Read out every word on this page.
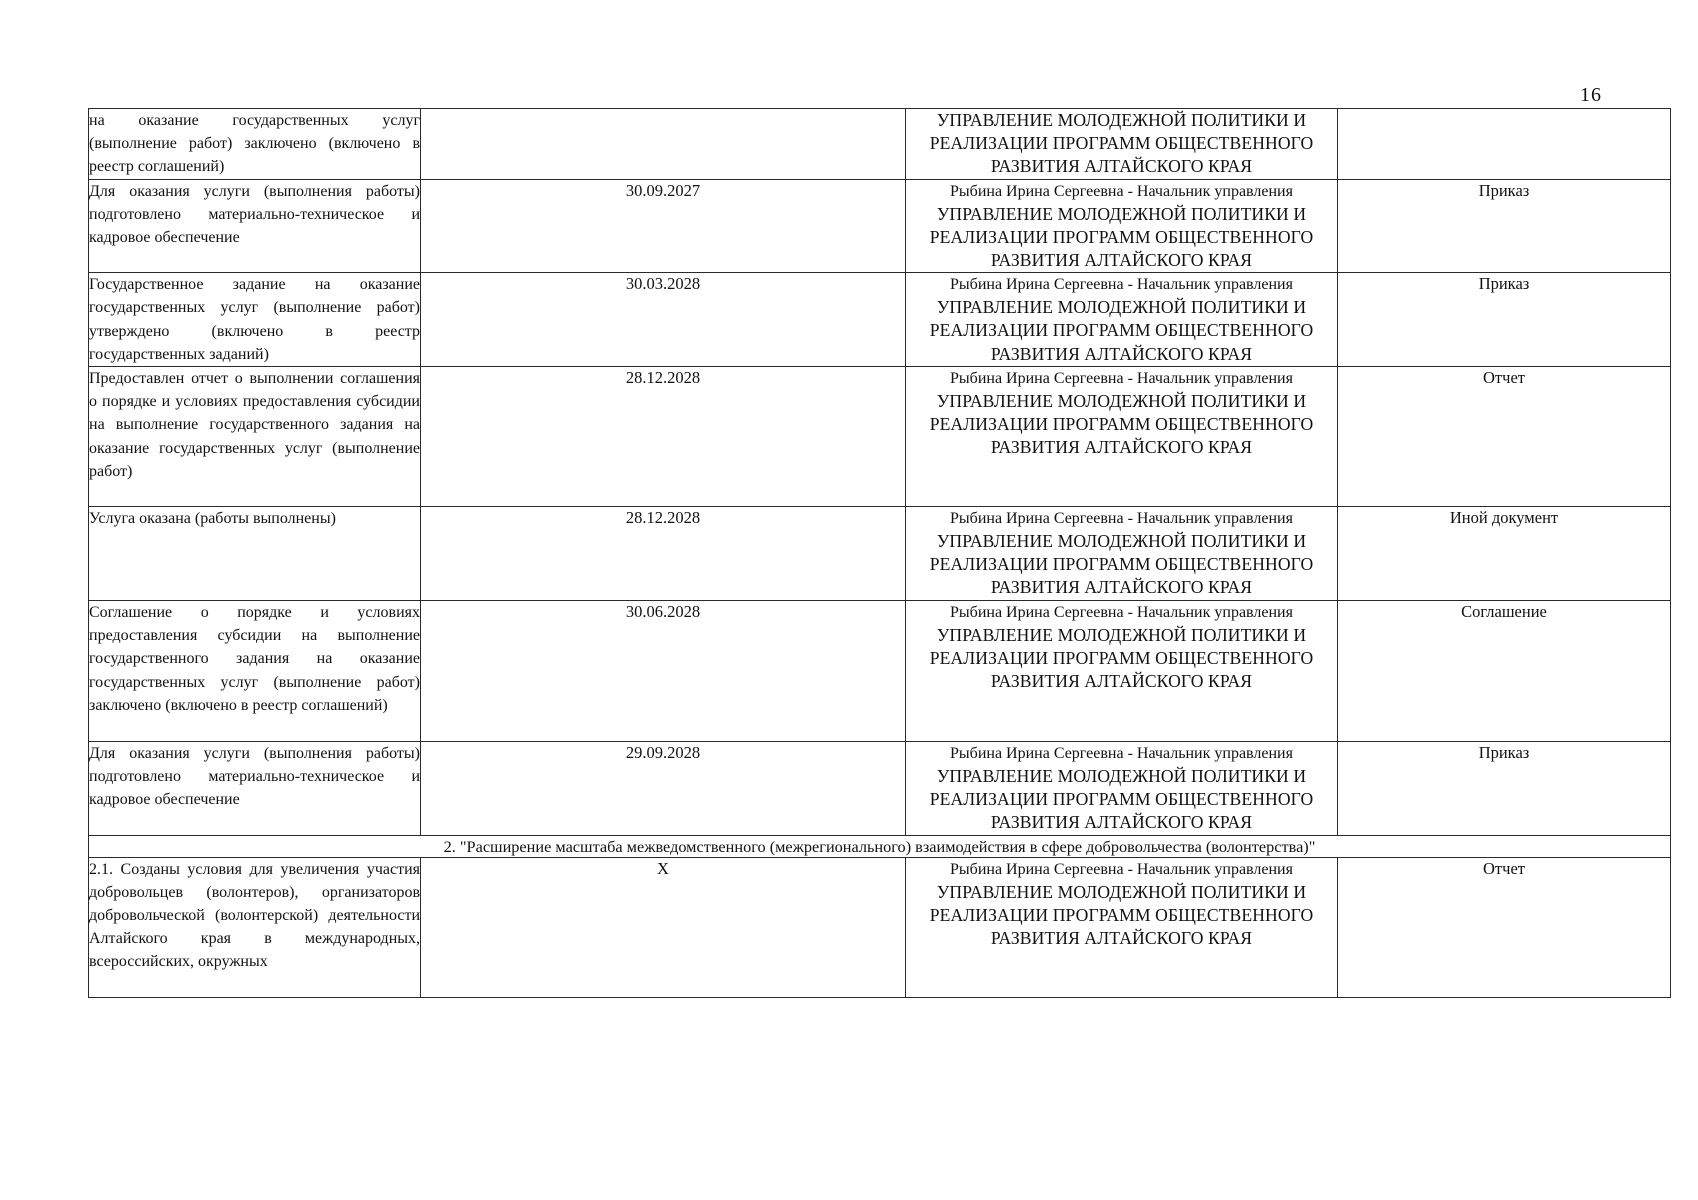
16
на оказание государственных услуг (выполнение работ) заключено (включено в реестр соглашений)		УПРАВЛЕНИЕ МОЛОДЕЖНОЙ ПОЛИТИКИ И РЕАЛИЗАЦИИ ПРОГРАММ ОБЩЕСТВЕННОГО РАЗВИТИЯ АЛТАЙСКОГО КРАЯ	

Для оказания услуги (выполнения работы) подготовлено материально-техническое и кадровое обеспечение	30.09.2027	Рыбина Ирина Сергеевна - Начальник управления
УПРАВЛЕНИЕ МОЛОДЕЖНОЙ ПОЛИТИКИ И РЕАЛИЗАЦИИ ПРОГРАММ ОБЩЕСТВЕННОГО РАЗВИТИЯ АЛТАЙСКОГО КРАЯ	Приказ
Государственное задание на оказание государственных услуг (выполнение работ) утверждено (включено в реестр государственных заданий)	30.03.2028	Рыбина Ирина Сергеевна - Начальник управления
УПРАВЛЕНИЕ МОЛОДЕЖНОЙ ПОЛИТИКИ И РЕАЛИЗАЦИИ ПРОГРАММ ОБЩЕСТВЕННОГО РАЗВИТИЯ АЛТАЙСКОГО КРАЯ	Приказ
Предоставлен отчет о выполнении соглашения о порядке и условиях предоставления субсидии на выполнение государственного задания на оказание государственных услуг (выполнение работ)	28.12.2028	Рыбина Ирина Сергеевна - Начальник управления
УПРАВЛЕНИЕ МОЛОДЕЖНОЙ ПОЛИТИКИ И РЕАЛИЗАЦИИ ПРОГРАММ ОБЩЕСТВЕННОГО РАЗВИТИЯ АЛТАЙСКОГО КРАЯ	Отчет
Услуга оказана (работы выполнены)	28.12.2028	Рыбина Ирина Сергеевна - Начальник управления
УПРАВЛЕНИЕ МОЛОДЕЖНОЙ ПОЛИТИКИ И РЕАЛИЗАЦИИ ПРОГРАММ ОБЩЕСТВЕННОГО РАЗВИТИЯ АЛТАЙСКОГО КРАЯ	Иной документ
Соглашение о порядке и условиях предоставления субсидии на выполнение государственного задания на оказание государственных услуг (выполнение работ) заключено (включено в реестр соглашений)	30.06.2028	Рыбина Ирина Сергеевна - Начальник управления
УПРАВЛЕНИЕ МОЛОДЕЖНОЙ ПОЛИТИКИ И РЕАЛИЗАЦИИ ПРОГРАММ ОБЩЕСТВЕННОГО РАЗВИТИЯ АЛТАЙСКОГО КРАЯ	Соглашение
Для оказания услуги (выполнения работы) подготовлено материально-техническое и кадровое обеспечение	29.09.2028	Рыбина Ирина Сергеевна - Начальник управления
УПРАВЛЕНИЕ МОЛОДЕЖНОЙ ПОЛИТИКИ И РЕАЛИЗАЦИИ ПРОГРАММ ОБЩЕСТВЕННОГО РАЗВИТИЯ АЛТАЙСКОГО КРАЯ	Приказ
2. "Расширение масштаба межведомственного (межрегионального) взаимодействия в сфере добровольчества (волонтерства)"			
2.1. Созданы условия для увеличения участия добровольцев (волонтеров), организаторов добровольческой (волонтерской) деятельности Алтайского края в международных, всероссийских, окружных	Х	Рыбина Ирина Сергеевна - Начальник управления
УПРАВЛЕНИЕ МОЛОДЕЖНОЙ ПОЛИТИКИ И РЕАЛИЗАЦИИ ПРОГРАММ ОБЩЕСТВЕННОГО РАЗВИТИЯ АЛТАЙСКОГО КРАЯ	Отчет
